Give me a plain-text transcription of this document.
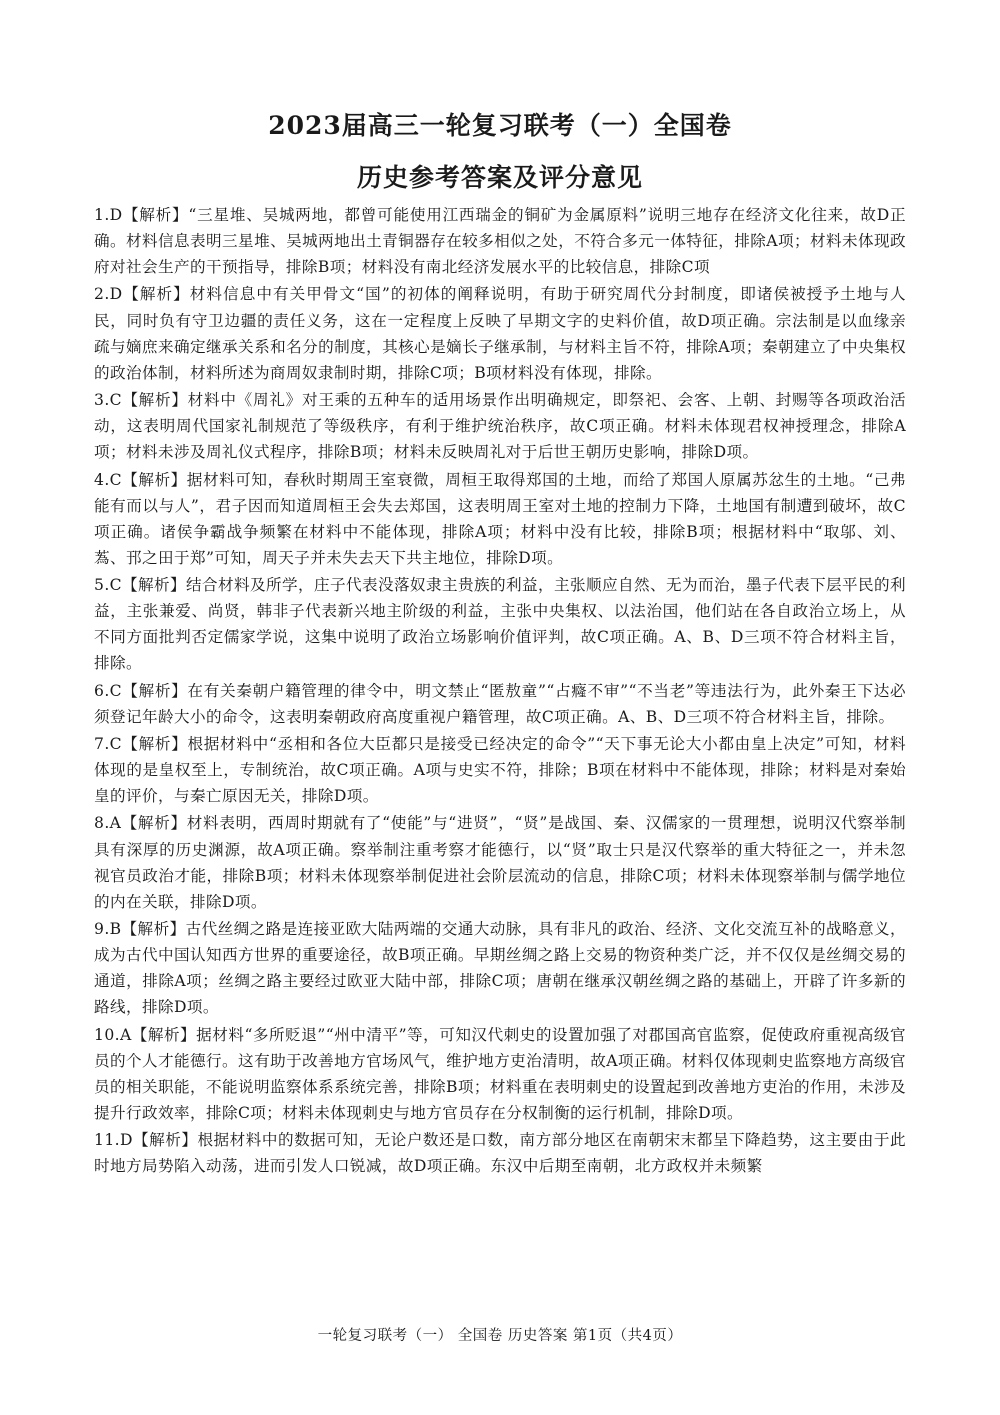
2023届高三一轮复习联考（一）全国卷
历史参考答案及评分意见

1.D【解析】“三星堆、吴城两地，都曾可能使用江西瑞金的铜矿为金属原料”说明三地存在经济文化往来，故D正确。材料信息表明三星堆、吴城两地出土青铜器存在较多相似之处，不符合多元一体特征，排除A项；材料未体现政府对社会生产的干预指导，排除B项；材料没有南北经济发展水平的比较信息，排除C项

2.D【解析】材料信息中有关甲骨文“国”的初体的阐释说明，有助于研究周代分封制度，即诸侯被授予土地与人民，同时负有守卫边疆的责任义务，这在一定程度上反映了早期文字的史料价值，故D项正确。宗法制是以血缘亲疏与嫡庶来确定继承关系和名分的制度，其核心是嫡长子继承制，与材料主旨不符，排除A项；秦朝建立了中央集权的政治体制，材料所述为商周奴隶制时期，排除C项；B项材料没有体现，排除。

3.C【解析】材料中《周礼》对王乘的五种车的适用场景作出明确规定，即祭祀、会客、上朝、封赐等各项政治活动，这表明周代国家礼制规范了等级秩序，有利于维护统治秩序，故C项正确。材料未体现君权神授理念，排除A项；材料未涉及周礼仪式程序，排除B项；材料未反映周礼对于后世王朝历史影响，排除D项。

4.C【解析】据材料可知，春秋时期周王室衰微，周桓王取得郑国的土地，而给了郑国人原属苏忿生的土地。“己弗能有而以与人”，君子因而知道周桓王会失去郑国，这表明周王室对土地的控制力下降，土地国有制遭到破坏，故C项正确。诸侯争霸战争频繁在材料中不能体现，排除A项；材料中没有比较，排除B项；根据材料中“取邬、刘、蒍、邘之田于郑”可知，周天子并未失去天下共主地位，排除D项。

5.C【解析】结合材料及所学，庄子代表没落奴隶主贵族的利益，主张顺应自然、无为而治，墨子代表下层平民的利益，主张兼爱、尚贤，韩非子代表新兴地主阶级的利益，主张中央集权、以法治国，他们站在各自政治立场上，从不同方面批判否定儒家学说，这集中说明了政治立场影响价值评判，故C项正确。A、B、D三项不符合材料主旨，排除。

6.C【解析】在有关秦朝户籍管理的律令中，明文禁止“匿敖童”“占癃不审”“不当老”等违法行为，此外秦王下达必须登记年龄大小的命令，这表明秦朝政府高度重视户籍管理，故C项正确。A、B、D三项不符合材料主旨，排除。

7.C【解析】根据材料中“丞相和各位大臣都只是接受已经决定的命令”“天下事无论大小都由皇上决定”可知，材料体现的是皇权至上，专制统治，故C项正确。A项与史实不符，排除；B项在材料中不能体现，排除；材料是对秦始皇的评价，与秦亡原因无关，排除D项。

8.A【解析】材料表明，西周时期就有了“使能”与“进贤”，“贤”是战国、秦、汉儒家的一贯理想，说明汉代察举制具有深厚的历史渊源，故A项正确。察举制注重考察才能德行，以“贤”取士只是汉代察举的重大特征之一，并未忽视官员政治才能，排除B项；材料未体现察举制促进社会阶层流动的信息，排除C项；材料未体现察举制与儒学地位的内在关联，排除D项。

9.B【解析】古代丝绸之路是连接亚欧大陆两端的交通大动脉，具有非凡的政治、经济、文化交流互补的战略意义，成为古代中国认知西方世界的重要途径，故B项正确。早期丝绸之路上交易的物资种类广泛，并不仅仅是丝绸交易的通道，排除A项；丝绸之路主要经过欧亚大陆中部，排除C项；唐朝在继承汉朝丝绸之路的基础上，开辟了许多新的路线，排除D项。

10.A【解析】据材料“多所贬退”“州中清平”等，可知汉代刺史的设置加强了对郡国高官监察，促使政府重视高级官员的个人才能德行。这有助于改善地方官场风气，维护地方吏治清明，故A项正确。材料仅体现刺史监察地方高级官员的相关职能，不能说明监察体系系统完善，排除B项；材料重在表明刺史的设置起到改善地方吏治的作用，未涉及提升行政效率，排除C项；材料未体现刺史与地方官员存在分权制衡的运行机制，排除D项。

11.D【解析】根据材料中的数据可知，无论户数还是口数，南方部分地区在南朝宋末都呈下降趋势，这主要由于此时地方局势陷入动荡，进而引发人口锐减，故D项正确。东汉中后期至南朝，北方政权并未频繁

一轮复习联考（一） 全国卷 历史答案 第1页（共4页）
